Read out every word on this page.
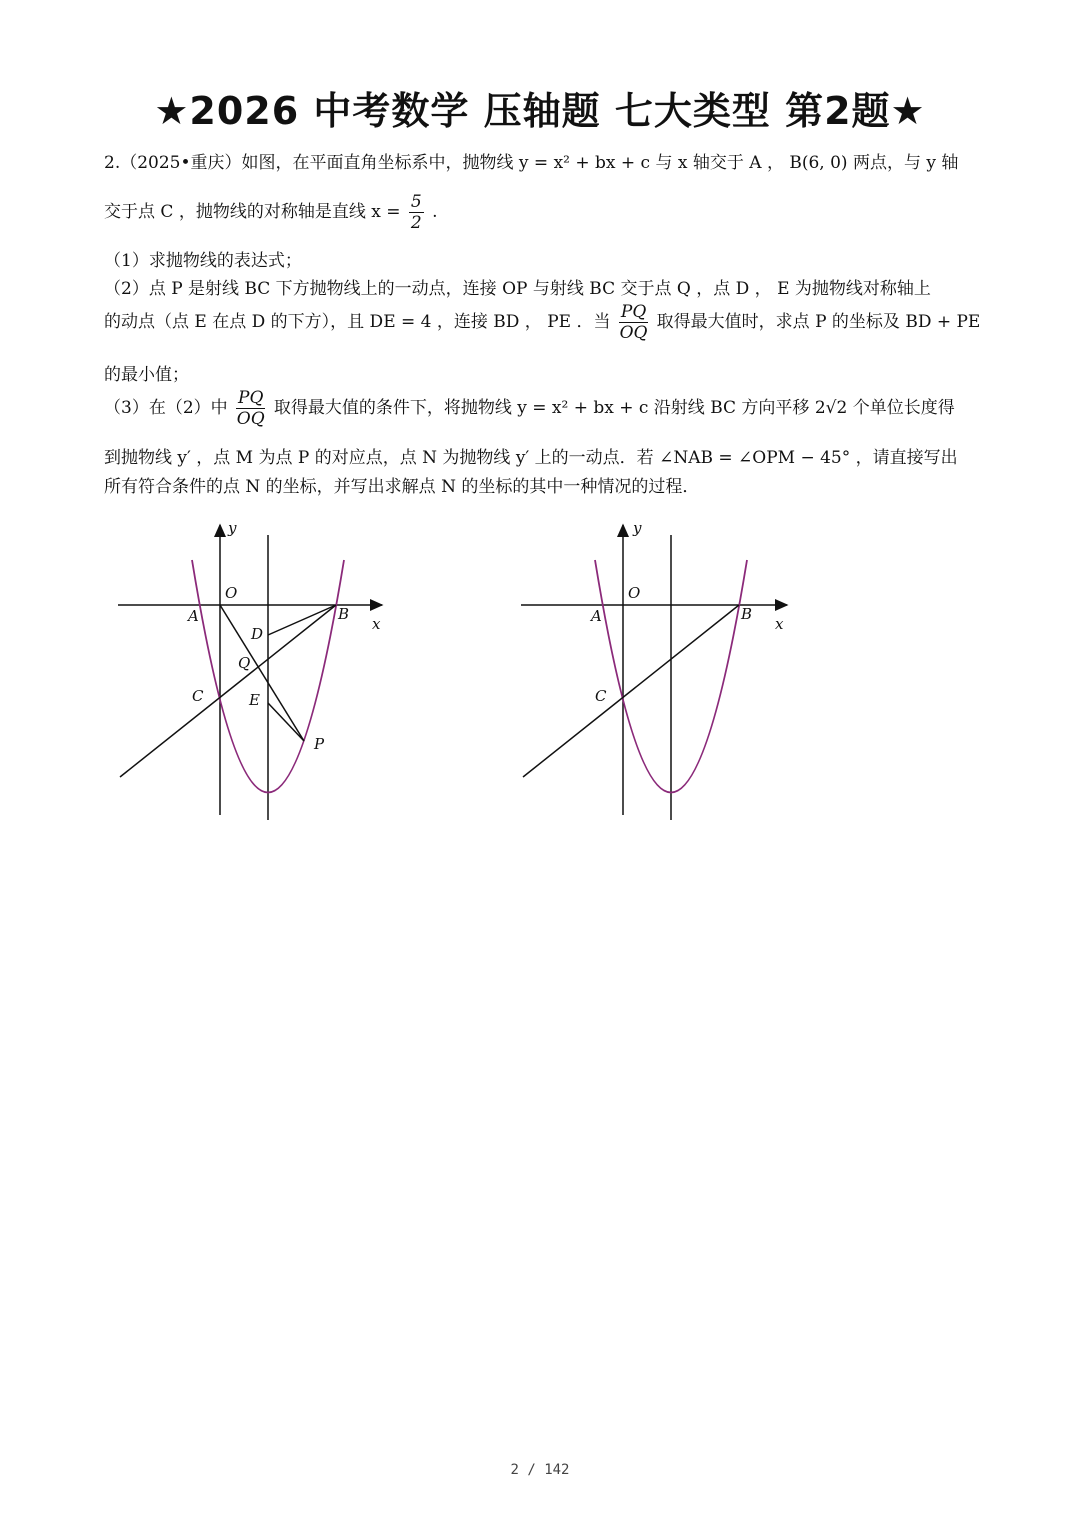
★2026 中考数学 压轴题 七大类型 第2题★
2.（2025•重庆）如图，在平面直角坐标系中，抛物线 y = x² + bx + c 与 x 轴交于 A ， B(6, 0) 两点，与 y 轴
交于点 C ，抛物线的对称轴是直线 $x = \frac{5}{2}$ .
（1）求抛物线的表达式；
（2）点 P 是射线 BC 下方抛物线上的一动点，连接 OP 与射线 BC 交于点 Q ，点 D ， E 为抛物线对称轴上
的动点（点 E 在点 D 的下方），且 DE = 4 ，连接 BD ， PE ．当 $\frac{PQ}{OQ}$ 取得最大值时，求点 P 的坐标及 BD + PE
的最小值；
（3）在（2）中 $\frac{PQ}{OQ}$ 取得最大值的条件下，将抛物线 y = x² + bx + c 沿射线 BC 方向平移 2√2 个单位长度得
到抛物线 y′ ，点 M 为点 P 的对应点，点 N 为抛物线 y′ 上的一动点．若 ∠NAB = ∠OPM − 45° ，请直接写出
所有符合条件的点 N 的坐标，并写出求解点 N 的坐标的其中一种情况的过程．
y
x
O
A	B
C
D
Q
E
P
y
x
O
A	B
C
2 / 142
